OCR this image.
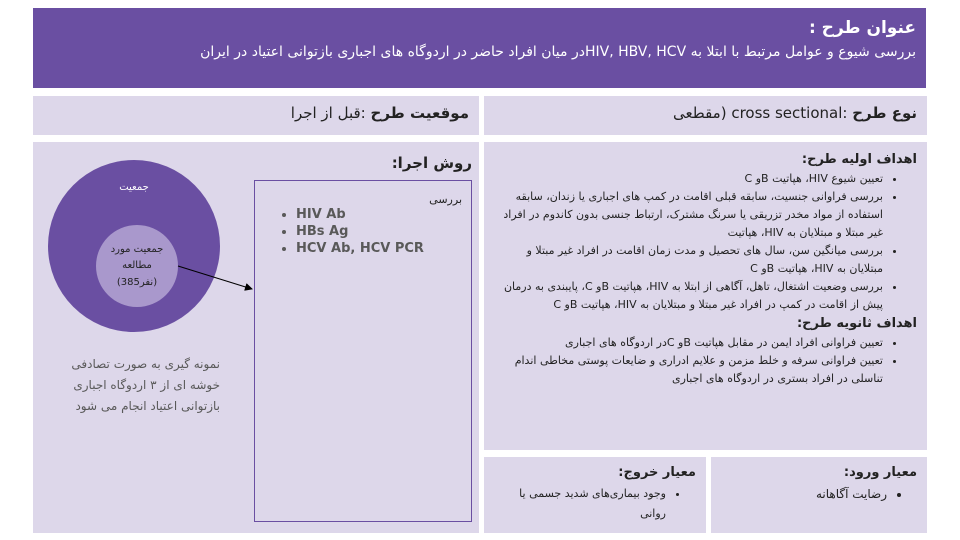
عنوان طرح :
بررسی شیوع و عوامل مرتبط با ابتلا به HIV, HBV, HCVدر میان افراد حاضر در اردوگاه های اجباری بازتوانی اعتیاد در ایران
نوع طرح :cross sectional (مقطعی
موقعیت طرح :قبل از اجرا
جمعیت
جمعیت مورد
مطالعه
(385نفر)
روش اجرا:
بررسی
• HIV Ab
• HBs Ag
• HCV Ab, HCV PCR
نمونه گیری به صورت تصادفی خوشه ای از ۳ اردوگاه اجباری بازتوانی اعتیاد انجام می شود
اهداف اولیه طرح:
• تعیین شیوع HIV، هپاتیت Bو C
• بررسی فراوانی جنسیت، سابقه قبلی اقامت در کمپ های اجباری یا زندان، سابقه استفاده از مواد مخدر تزریقی یا سرنگ مشترک، ارتباط جنسی بدون کاندوم در افراد غیر مبتلا و مبتلایان به HIV، هپاتیت
• بررسی میانگین سن، سال های تحصیل و مدت زمان اقامت در افراد غیر مبتلا و مبتلایان به HIV، هپاتیت Bو C
• بررسی وضعیت اشتغال، تاهل، آگاهی از ابتلا به HIV، هپاتیت Bو C، پایبندی به درمان پیش از اقامت در کمپ در افراد غیر مبتلا و مبتلایان به HIV، هپاتیت Bو C
اهداف ثانویه طرح:
• تعیین فراوانی افراد ایمن در مقابل هپاتیت Bو Cدر اردوگاه های اجباری
• تعیین فراوانی سرفه و خلط مزمن و علایم ادراری و ضایعات پوستی مخاطی اندام تناسلی در افراد بستری در اردوگاه های اجباری
معیار خروج:
• وجود بیماری‌های شدید جسمی یا روانی
معیار ورود:
• رضایت آگاهانه
